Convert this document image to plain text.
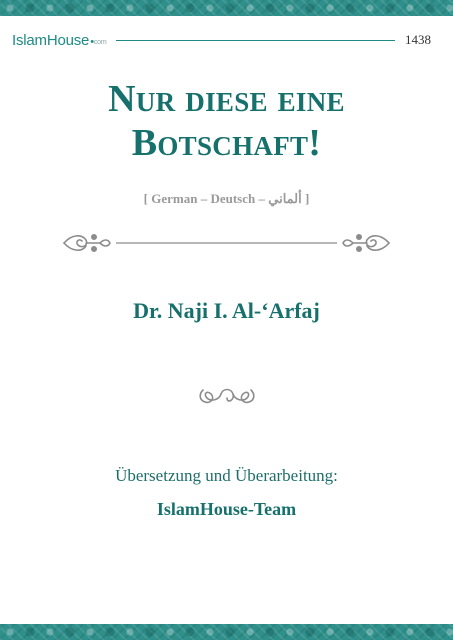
IslamHouse•com	1438
Nur diese eine
Botschaft!
[ German – Deutsch – ألماني ]
Dr. Naji I. Al-‘Arfaj
Übersetzung und Überarbeitung:
IslamHouse-Team
